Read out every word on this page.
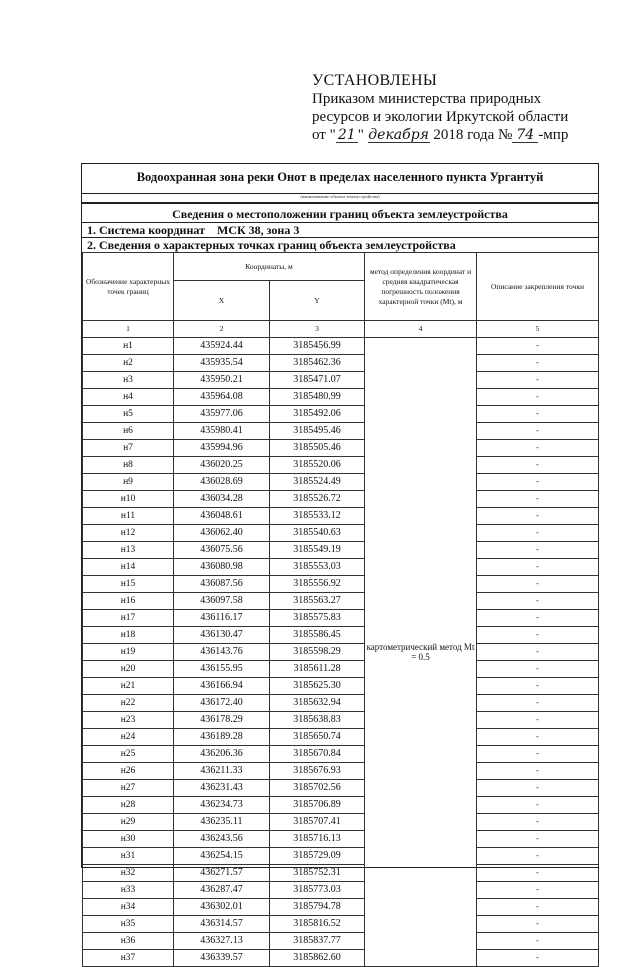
УСТАНОВЛЕНЫ
Приказом министерства природных
ресурсов и экологии Иркутской области
от " 21 " декабря 2018 года № 74 -мпр
Водоохранная зона реки Онот в пределах населенного пункта Ургантуй
(наименование объекта землеустройства)
Сведения о местоположении границ объекта землеустройства
1. Система координат МСК 38, зона 3
2. Сведения о характерных точках границ объекта землеустройства
Обозначение характерных точек границ	Координаты, м		метод определения координат и средняя квадратическая погрешность положения характерной точки (Mt), м	Описание закрепления точки
	X	Y		
1	2	3	4	5
н1	435924.44	3185456.99	картометрический метод Mt = 0.5	-
н2	435935.54	3185462.36		-
н3	435950.21	3185471.07		-
н4	435964.08	3185480.99		-
н5	435977.06	3185492.06		-
н6	435980.41	3185495.46		-
н7	435994.96	3185505.46		-
н8	436020.25	3185520.06		-
н9	436028.69	3185524.49		-
н10	436034.28	3185526.72		-
н11	436048.61	3185533.12		-
н12	436062.40	3185540.63		-
н13	436075.56	3185549.19		-
н14	436080.98	3185553.03		-
н15	436087.56	3185556.92		-
н16	436097.58	3185563.27		-
н17	436116.17	3185575.83		-
н18	436130.47	3185586.45		-
н19	436143.76	3185598.29		-
н20	436155.95	3185611.28		-
н21	436166.94	3185625.30		-
н22	436172.40	3185632.94		-
н23	436178.29	3185638.83		-
н24	436189.28	3185650.74		-
н25	436206.36	3185670.84		-
н26	436211.33	3185676.93		-
н27	436231.43	3185702.56		-
н28	436234.73	3185706.89		-
н29	436235.11	3185707.41		-
н30	436243.56	3185716.13		-
н31	436254.15	3185729.09		-
н32	436271.57	3185752.31		-
н33	436287.47	3185773.03		-
н34	436302.01	3185794.78		-
н35	436314.57	3185816.52		-
н36	436327.13	3185837.77		-
н37	436339.57	3185862.60		-
